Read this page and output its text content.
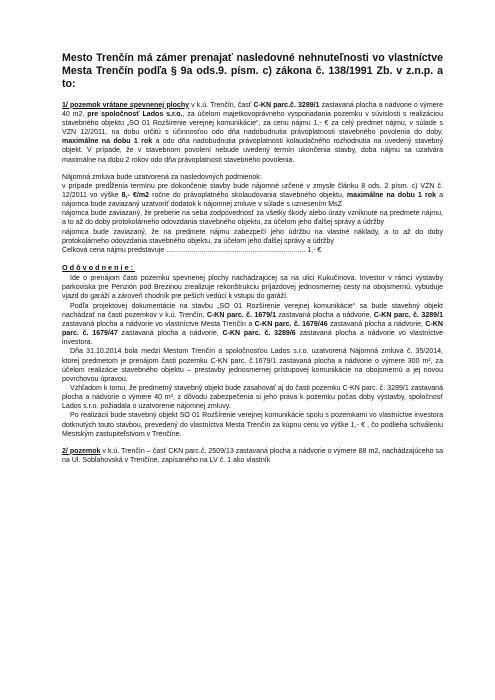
Mesto Trenčín má zámer prenajať nasledovné nehnuteľnosti vo vlastníctve Mesta Trenčín podľa § 9a ods.9. písm. c) zákona č. 138/1991 Zb. v z.n.p. a to:
1/ pozemok vrátane spevnenej plochy v k.ú. Trenčín, časť C-KN parc.č. 3289/1 zastavaná plocha a nádvorie o výmere 40 m2, pre spoločnosť Lados s.r.o., za účelom majetkovoprávneho vysporiadania pozemku v súvislosti s realizáciou stavebného objektu „SO 01 Rozšírenie verejnej komunikácie“, za cenu nájmu 1,- € za celý predmet nájmu, v súlade s VZN 12/2011, na dobu určitú s účinnosťou odo dňa nadobudnutia právoplatnosti stavebného povolenia do doby, maximálne na dobu 1 rok a odo dňa nadobudnutia právoplatnosti kolaudačného rozhodnutia na uvedený stavebný objekt. V prípade, že v stavebnom povolení nebude uvedený termín ukončenia stavby, doba nájmu sa uzatvára maximálne na dobu 2 rokov odo dňa právoplatnosti stavebného povolenia.
Nájomná zmluva bude uzatvorená za nasledovných podmienok:
v prípade predĺženia termínu pre dokončenie stavby bude nájomné určené v zmysle článku 8 ods. 2 písm. c) VZN č. 12/2011 vo výške 8,- €/m2 ročne do právoplatného skolaudovania stavebného objektu, maximálne na dobu 1 rok a nájomca bude zaviazaný uzatvoriť dodatok k nájomnej zmluve v súlade s uznesením MsZ
nájomca bude zaviazaný, že preberie na seba zodpovednosť za všetky škody alebo úrazy vzniknuté na predmete nájmu, a to až do doby protokolárneho odovzdania stavebného objektu, za účelom jeho ďalšej správy a údržby
nájomca bude zaviazaný, že na predmete nájmu zabezpečí jeho údržbu na vlastné náklady, a to až do doby protokolárneho odovzdania stavebného objektu, za účelom jeho ďalšej správy a údržby
Celková cena nájmu predstavuje ....................................................................... 1,- €
Odôvodnenie:
Ide o prenájom časti pozemku spevnenej plochy nachádzajúcej sa na ulici Kukučínova. Investor v rámci výstavby parkoviska pre Penzión pod Brezinou zrealizuje rekonštrukciu príjazdovej jednosmernej cesty na obojsmernú, vybuduje vjazd do garáží a zároveň chodník pre peších vedúci k vstupu do garáží.
Podľa projektovej dokumentácie na stavbu „SO 01 Rozšírenie verejnej komunikácie“ sa bude stavebný objekt nachádzať na časti pozemkov v k.ú. Trenčín, C-KN parc. č. 1679/1 zastavaná plocha a nádvorie, C-KN parc. č. 3289/1 zastavaná plocha a nádvorie vo vlastníctve Mesta Trenčín a C-KN parc. č. 1679/46 zastavaná plocha a nádvorie, C-KN parc. č. 1679/47 zastavaná plocha a nádvorie, C-KN parc. č. 3289/6 zastavaná plocha a nádvorie vo vlastníctve investora.
Dňa 31.10.2014 bola medzi Mestom Trenčín a spoločnosťou Lados s.r.o. uzatvorená Nájomná zmluva č. 35/2014, ktorej predmetom je prenájom časti pozemku C-KN parc. č.1679/1 zastavaná plocha a nádvorie o výmere 300 m², za účelom realizácie stavebného objektu – prestavby jednosmernej prístupovej komunikácie na obojsmernú a jej novou povrchovou úpravou.
Vzhľadom k tomu, že predmetný stavebný objekt bude zasahovať aj do časti pozemku C-KN parc. č. 3289/1 zastavaná plocha a nádvorie o výmere 40 m², z dôvodu zabezpečenia si jeho práva k pozemku počas doby výstavby, spoločnosť Lados s.r.o. požiadala o uzatvorenie nájomnej zmluvy.
Po realizácii bude stavebný objekt SO 01 Rozšírenie verejnej komunikácie spolu s pozemkami vo vlastníctve investora dotknutých touto stavbou, prevedený do vlastníctva Mesta Trenčín za kúpnu cenu vo výške 1,- € , čo podlieha schváleniu Mestským zastupiteľstvom v Trenčíne.
2/ pozemok v k.ú. Trenčín – časť CKN parc.č. 2509/13 zastavaná plocha a nádvorie o výmere 88 m2, nachádzajúceho sa na Ul. Soblahovská v Trenčíne, zapísaného na LV č. 1 ako vlastník
